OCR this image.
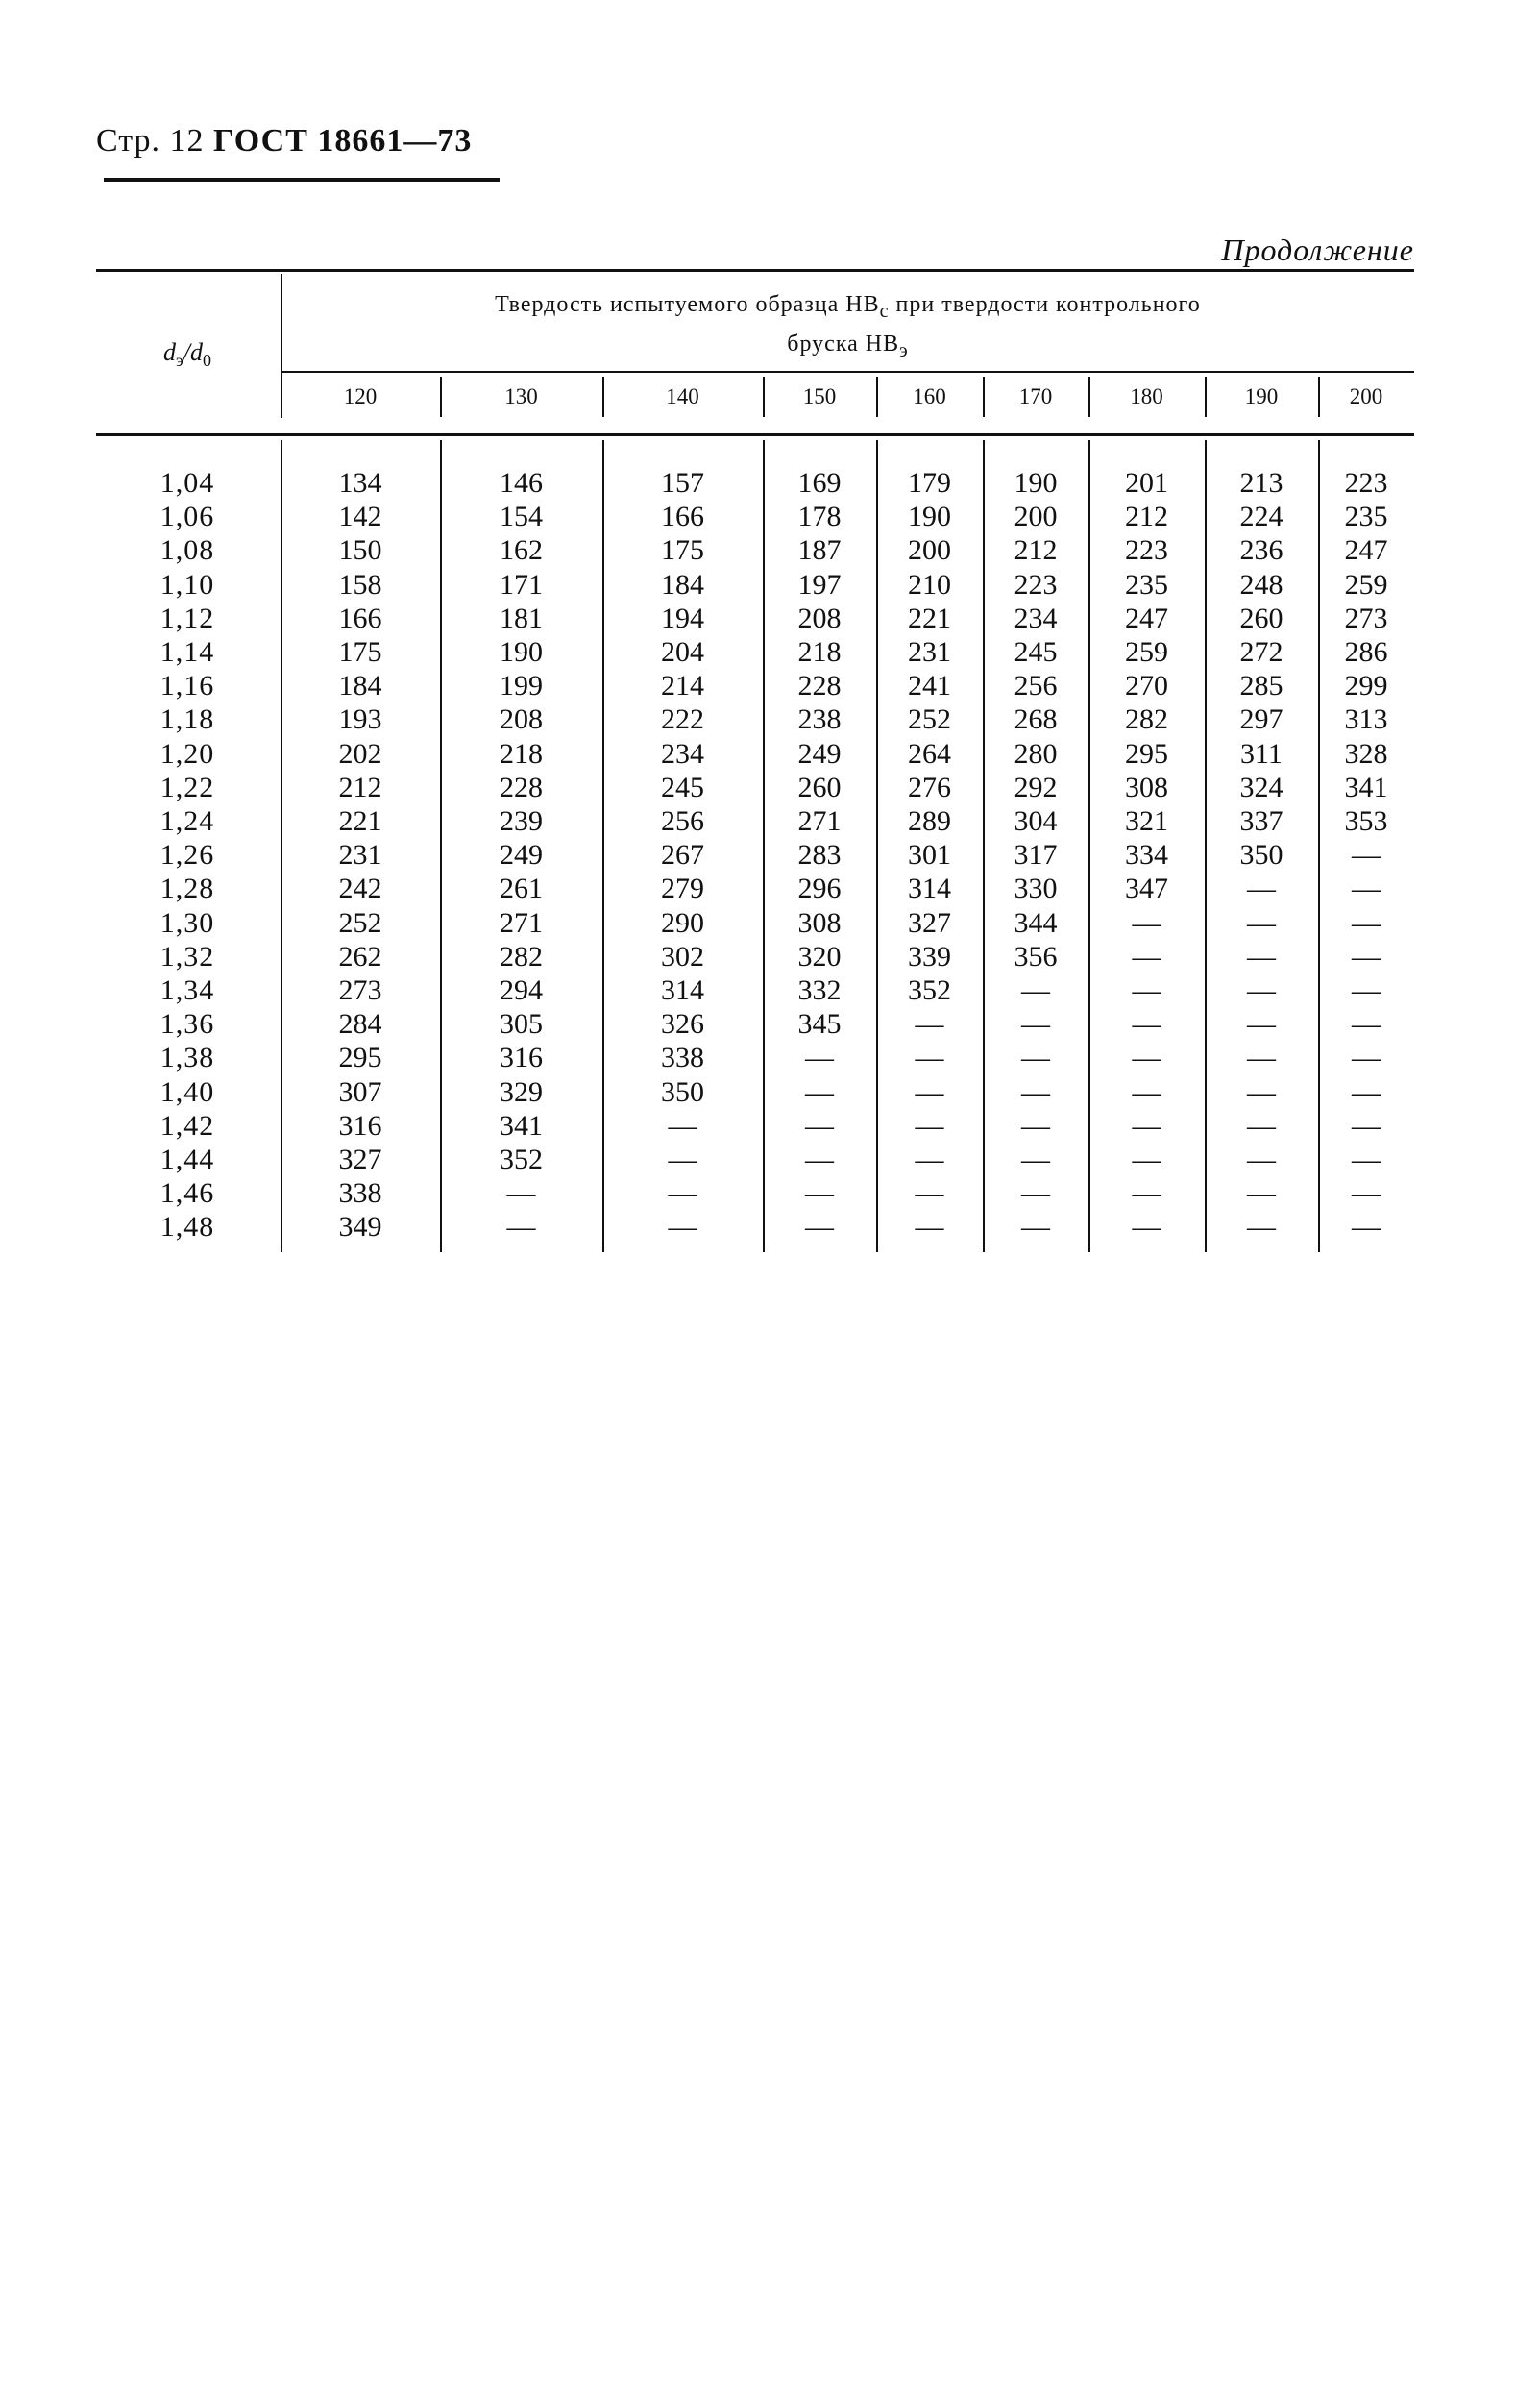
Стр. 12 ГОСТ 18661—73
Продолжение
Твердость испытуемого образца $HB_с$ при твердости контрольного
бруска $HB_э$
$d_э/d_0$
120	130	140	150	160	170	180	190	200
1,04	134	146	157	169	179	190	201	213	223
1,06	142	154	166	178	190	200	212	224	235
1,08	150	162	175	187	200	212	223	236	247
1,10	158	171	184	197	210	223	235	248	259
1,12	166	181	194	208	221	234	247	260	273
1,14	175	190	204	218	231	245	259	272	286
1,16	184	199	214	228	241	256	270	285	299
1,18	193	208	222	238	252	268	282	297	313
1,20	202	218	234	249	264	280	295	311	328
1,22	212	228	245	260	276	292	308	324	341
1,24	221	239	256	271	289	304	321	337	353
1,26	231	249	267	283	301	317	334	350	—
1,28	242	261	279	296	314	330	347	—	—
1,30	252	271	290	308	327	344	—	—	—
1,32	262	282	302	320	339	356	—	—	—
1,34	273	294	314	332	352	—	—	—	—
1,36	284	305	326	345	—	—	—	—	—
1,38	295	316	338	—	—	—	—	—	—
1,40	307	329	350	—	—	—	—	—	—
1,42	316	341	—	—	—	—	—	—	—
1,44	327	352	—	—	—	—	—	—	—
1,46	338	—	—	—	—	—	—	—	—
1,48	349	—	—	—	—	—	—	—	—
